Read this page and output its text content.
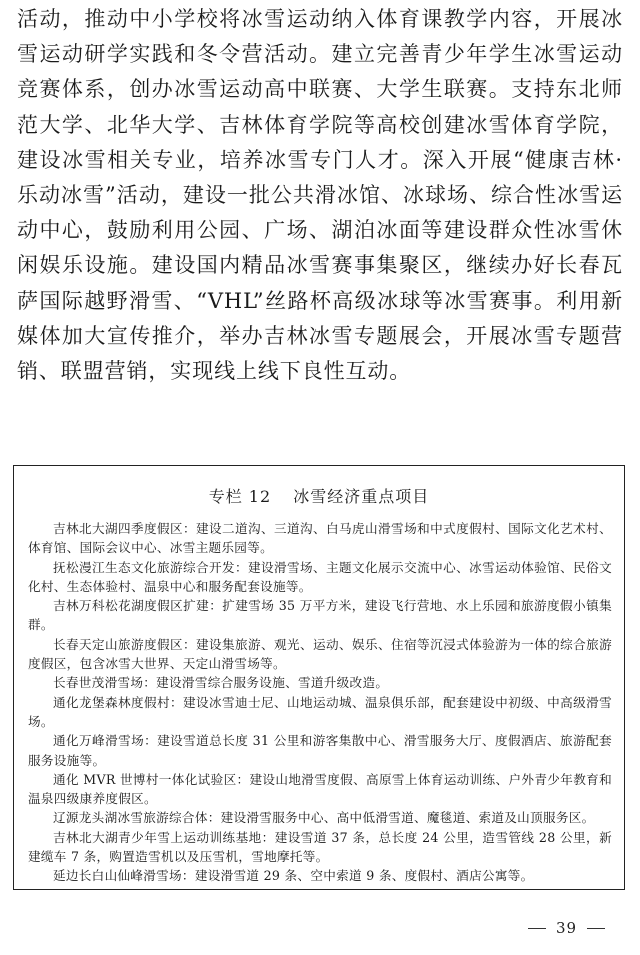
活动，推动中小学校将冰雪运动纳入体育课教学内容，开展冰雪运动研学实践和冬令营活动。建立完善青少年学生冰雪运动竞赛体系，创办冰雪运动高中联赛、大学生联赛。支持东北师范大学、北华大学、吉林体育学院等高校创建冰雪体育学院，建设冰雪相关专业，培养冰雪专门人才。深入开展“健康吉林·乐动冰雪”活动，建设一批公共滑冰馆、冰球场、综合性冰雪运动中心，鼓励利用公园、广场、湖泊冰面等建设群众性冰雪休闲娱乐设施。建设国内精品冰雪赛事集聚区，继续办好长春瓦萨国际越野滑雪、“VHL”丝路杯高级冰球等冰雪赛事。利用新媒体加大宣传推介，举办吉林冰雪专题展会，开展冰雪专题营销、联盟营销，实现线上线下良性互动。

专栏 12 冰雪经济重点项目

吉林北大湖四季度假区：建设二道沟、三道沟、白马虎山滑雪场和中式度假村、国际文化艺术村、体育馆、国际会议中心、冰雪主题乐园等。

抚松漫江生态文化旅游综合开发：建设滑雪场、主题文化展示交流中心、冰雪运动体验馆、民俗文化村、生态体验村、温泉中心和服务配套设施等。

吉林万科松花湖度假区扩建：扩建雪场 35 万平方米，建设飞行营地、水上乐园和旅游度假小镇集群。

长春天定山旅游度假区：建设集旅游、观光、运动、娱乐、住宿等沉浸式体验游为一体的综合旅游度假区，包含冰雪大世界、天定山滑雪场等。

长春世茂滑雪场：建设滑雪综合服务设施、雪道升级改造。

通化龙堡森林度假村：建设冰雪迪士尼、山地运动城、温泉俱乐部，配套建设中初级、中高级滑雪场。

通化万峰滑雪场：建设雪道总长度 31 公里和游客集散中心、滑雪服务大厅、度假酒店、旅游配套服务设施等。

通化 MVR 世博村一体化试验区：建设山地滑雪度假、高原雪上体育运动训练、户外青少年教育和温泉四级康养度假区。

辽源龙头湖冰雪旅游综合体：建设滑雪服务中心、高中低滑雪道、魔毯道、索道及山顶服务区。

吉林北大湖青少年雪上运动训练基地：建设雪道 37 条，总长度 24 公里，造雪管线 28 公里，新建缆车 7 条，购置造雪机以及压雪机，雪地摩托等。

延边长白山仙峰滑雪场：建设滑雪道 29 条、空中索道 9 条、度假村、酒店公寓等。

39
